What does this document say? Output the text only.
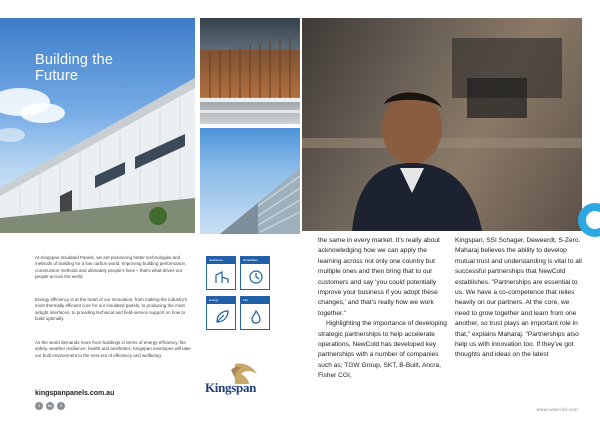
Building the
Future

At Kingspan Insulated Panels, we are pioneering better technologies and methods of building for a low carbon world. Improving building performance, construction methods and ultimately people's lives – that's what drives our people across the world.

Energy efficiency is at the heart of our innovation, from making the industry's most thermally efficient core for our insulated panels, to producing the most airtight interfaces, to providing technical and field-service support on how to build optimally.

As the world demands more from buildings in terms of energy efficiency, fire safety, weather resilience, health and aesthetics, Kingspan envelopes will take our built environment to the next era of efficiency and wellbeing.

Aesthetics	Durabilities
Energy	Fire
Kingspan
kingspanpanels.com.au
t	in	f

the same in every market. It's really about acknowledging how we can apply the learning across not only one country but multiple ones and then bring that to our customers and say 'you could potentially improve your business if you adopt these changes,' and that's really how we work together."

Highlighting the importance of developing strategic partnerships to help accelerate operations, NewCold has developed key partnerships with a number of companies such as; TGW Group, SKT, B-Built, Ancra, Fisher CGI,

Kingspan, SSI Schager, Deweerdt, S-Zero. Maharaj believes the ability to develop mutual trust and understanding is vital to all successful partnerships that NewCold establishes. "Partnerships are essential to us. We have a co-competence that relies heavily on our partners. At the core, we need to grow together and learn from one another, so trust plays an important role in that," explains Maharaj. "Partnerships also help us with innovation too. If they've got thoughts and ideas on the latest

www.newcold.com
